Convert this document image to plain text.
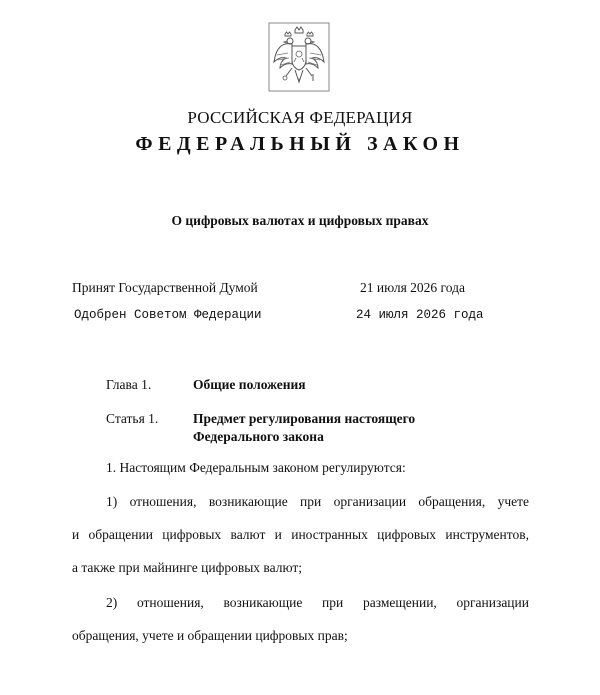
РОССИЙСКАЯ ФЕДЕРАЦИЯ
ФЕДЕРАЛЬНЫЙ ЗАКОН
О цифровых валютах и цифровых правах
Принят Государственной Думой	21 июля 2026 года
Одобрен Советом Федерации	24 июля 2026 года
Глава 1.	Общие положения
Статья 1.	Предмет регулирования настоящего
Федерального закона
1. Настоящим Федеральным законом регулируются:
1) отношения, возникающие при организации обращения, учете
и обращении цифровых валют и иностранных цифровых инструментов,
а также при майнинге цифровых валют;
2) отношения, возникающие при размещении, организации
обращения, учете и обращении цифровых прав;
